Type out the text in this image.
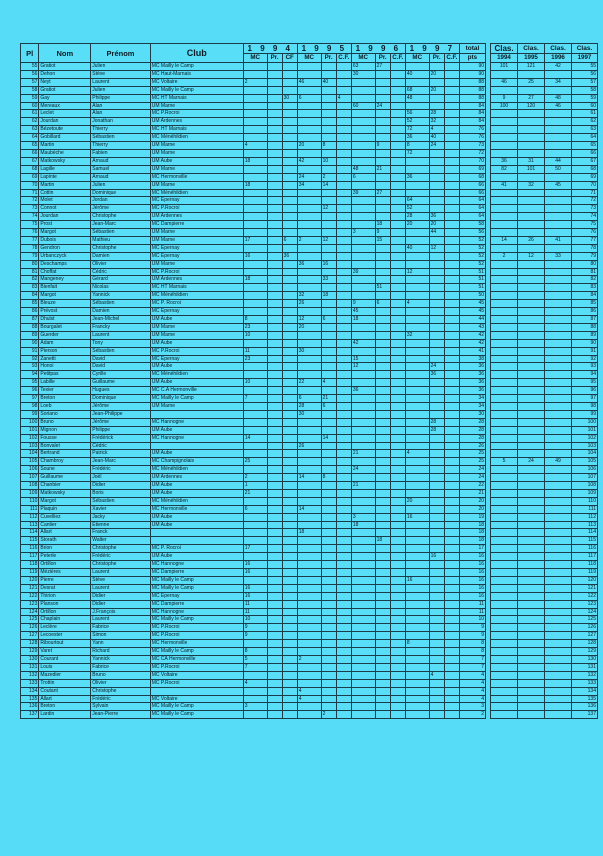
Pl	Nom	Prénom	Club	1 9 9 4			1 9 9 5			1 9 9 6			1 9 9 7			total
				MC	Pr.	CF	MC	Pr.	C.F.	MC	Pr.	C.F.	MC	Pr.	C.F.	pts
55	Gratiot	Julien	MC Mailly le Camp							63	27					90
56	Dehon	Stève	MC Haut-Marnais							30			40	20		90
57	Neyt	Laurent	MC Voltaire	2			46	40								88
58	Gratiot	Julien	MC Mailly le Camp										68	20		88
59	Gay	Philippe	MC HT Marnais			30	6		4				48			88
60	Mereaux	Alan	UM Marne							60	24					84
61	Leclet	Alan	MC P.Rocroi										56	28		84
62	Jourdan	Jonathan	UM Ardennes										52	32		84
63	Bézetoute	Thierry	MC HT Marnais										72	4		76
64	Gobillard	Sébastien	MC Ménéhildien										36	40		76
65	Martin	Thierry	UM Marne	4			20	8			9		8	24		73
66	Maubèche	Fabien	UM Marne										72			72
67	Matkowsky	Arnaud	UM Aube	18			42	10								70
68	Lagille	Samuel	UM Marne							48	21					69
69	Lapinte	Arnaud	MC Hermonville				24	2		6			36			68
70	Martin	Julien	UM Marne	18			34	14								66
71	Cottin	Dominique	MC Ménéhildien							39	27					66
72	Molet	Jordan	MC Epernay										64			64
73	Connot	Jérôme	MC P.Rocroi					12					52			64
74	Jourdan	Christophe	UM Ardennes										28	36		64
75	Prost	Jean-Marc	MC Dampierre								18		20	20		58
76	Margot	Sébastien	UM Marne							3	9			44		56
77	Dubois	Mathieu	UM Marne	17		6	2	12			15					52
78	Gendron	Christophe	MC Epernay										40	12		52
79	Urbanczyck	Damien	MC Epernay	16		36										52
80	Deschamps	Olivier	UM Marne				36	16								52
81	Choffat	Cédric	MC P.Rocroi							39			12			51
82	Mangeney	Gérard	UM Ardennes	18				33								51
83	Bienfait	Nicolas	MC HT Marnais								51					51
84	Margot	Yannick	MC Ménéhildien				32	18								50
85	Bleuze	Sébastien	MC P. Rocroi				26			9	6		4			45
86	Prévost	Damien	MC Epernay							45						45
87	Dhulst	Jean-Michel	UM Aube	8			12	6		18						44
88	Bourgalet	Francky	UM Marne	23			20									43
89	Guerder	Laurent	UM Marne	10									32			42
90	Adam	Tony	UM Aube							42						42
91	Pierson	Sébastien	MC P.Rocroi	11			30									41
92	Zanetti	David	MC Epernay	23						15						38
93	Honoi	David	UM Aube							12				24		36
94	Petitpas	Cyrille	MC Ménéhildien											36		36
95	Labille	Guillaume	UM Aube	10			22	4								36
96	Texier	Hugues	MC C.A Hermonville							36						36
97	Breton	Dominique	MC Mailly le Camp	7			6	21								34
98	Loeb	Jérôme	UM Marne				28	6								34
99	Soriano	Jean-Philippe					30									30
100	Bruno	Jérôme	MC Hannogne											28		28
101	Mignon	Philippe	UM Aube											28		28
102	Fousse	Frédérick	MC Hannogne	14				14								28
103	Bonvalet	Cédric					26									26
104	Bertrand	Patrick	UM Aube							21			4			25
105	Chambroy	Jean-Marc	MC Champignolais	25												25
106	Soune	Frédéric	MC Ménéhildien							24						24
107	Guillaume	Joël	UM Ardennes	2			14	8								24
108	Chanbier	Didier	UM Aube	1						21						22
109	Matkowsky	Boris	UM Aube	21												21
110	Margot	Sébastien	MC Ménéhildien										20			20
111	Plaquin	Xavier	MC Hermonville	6			14									20
112	Cuvelliez	Jacky	UM Aube							3			16			19
113	Cantier	Etienne	UM Aube							18						18
114	Allart	Franck					18									18
115	Storath	Walter									18					18
116	Brion	Christophe	MC P. Rocroi	17												17
117	Peterle	Frédéric	UM Aube											16		16
118	Ortillon	Christophe	MC Hannogne	16												16
119	Mézières	Laurent	MC Dampierre	16												16
120	Pierre	Stève	MC Mailly le Camp										16			16
121	Desrat	Laurent	MC Mailly le Camp	16												16
122	Thirion	Didier	MC Epernay	16												16
123	Planson	Didier	MC Dampierre	11												11
124	Ortillon	J.François	MC Hannogne	11												11
125	Chaplain	Laurent	MC Mailly le Camp	10												10
126	Leclère	Fabrice	MC P.Rocroi	9												9
127	Lecoester	Simon	MC P.Rocroi	9												9
128	Ribourtout	Yann	MC Hermonville										8			8
129	Varet	Richard	MC Mailly le Camp	8												8
130	Courant	Yannick	MC CA Hermonville	5			2									7
131	Louis	Fabrice	MC P.Rocroi	7												7
132	Mazedier	Bruno	MC Voltaire											4		4
133	Trottin	Olivier	MC P.Rocroi	4												4
134	Coutant	Christophe					4									4
135	Allart	Frédéric	MC Voltaire				4									4
136	Breton	Sylvain	MC Mailly le Camp	3												3
137	Lardin	Jean-Pierre	MC Mailly le Camp					2								2
Clas.	Clas.	Clas.	Clas.
1994	1995	1996	1997
101	121	42	55
			56
46	25	34	57
			58
9	27	48	59
100	120	46	60
			61
			62
			63
			64
			65
			66
36	31	44	67
82	101	50	68
			69
41	32	45	70
			71
			72
			73
			74
			75
			76
14	26	41	77
			78
2	12	33	79
			80
			81
			82
			83
			84
			85
			86
			87
			88
			89
			90
			91
			92
			93
			94
			95
			96
			97
			98
			99
			100
			101
			102
			103
			104
5	24	49	105
			106
			107
			108
			109
			110
			111
			112
			113
			114
			115
			116
			117
			118
			119
			120
			121
			122
			123
			124
			125
			126
			127
			128
			129
			130
			131
			132
			133
			134
			135
			136
			137
